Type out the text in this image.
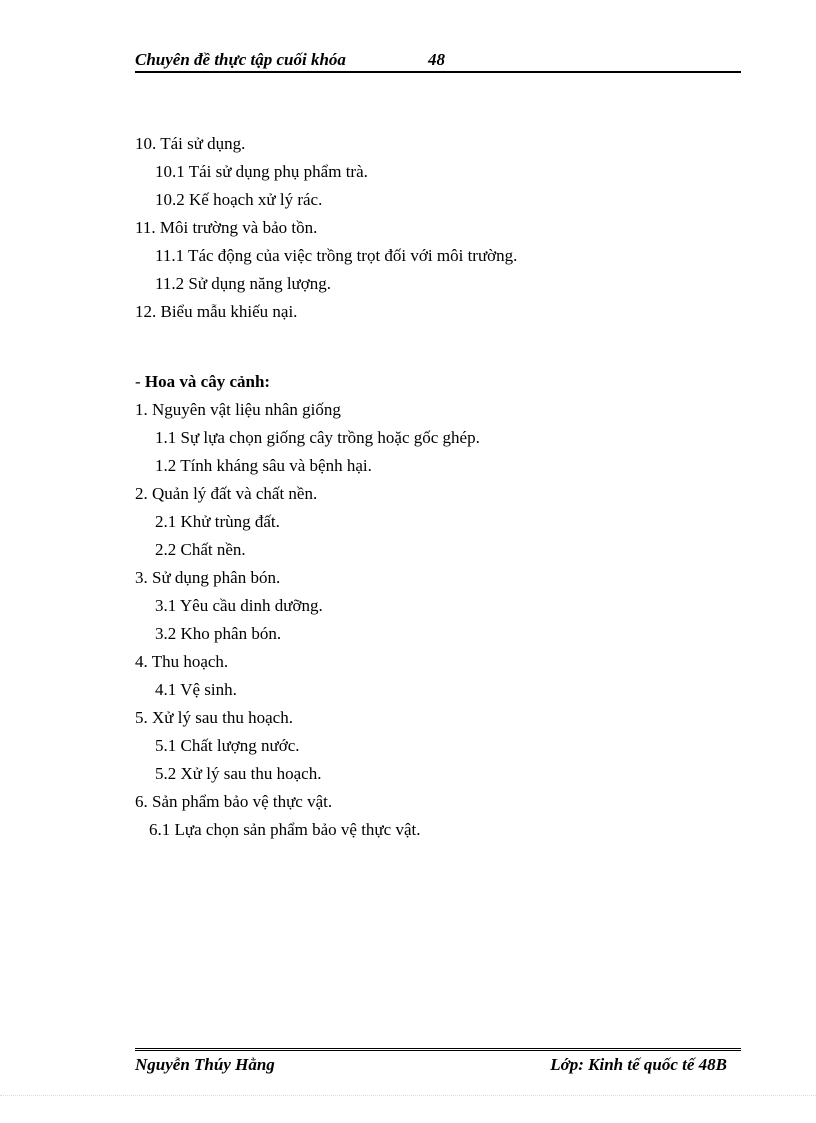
Chuyên đề thực tập cuối khóa	48
10. Tái sử dụng.
10.1 Tái sử dụng phụ phẩm trà.
10.2 Kế hoạch xử lý rác.
11. Môi trường và bảo tồn.
11.1 Tác động của việc trồng trọt đối với môi trường.
11.2 Sử dụng năng lượng.
12. Biểu mẫu khiếu nại.
- Hoa và cây cảnh:
1. Nguyên vật liệu nhân giống
1.1 Sự lựa chọn giống cây trồng hoặc gốc ghép.
1.2 Tính kháng sâu và bệnh hại.
2. Quản lý đất và chất nền.
2.1 Khử trùng đất.
2.2 Chất nền.
3. Sử dụng phân bón.
3.1 Yêu cầu dinh dưỡng.
3.2 Kho phân bón.
4. Thu hoạch.
4.1 Vệ sinh.
5. Xử lý sau thu hoạch.
5.1 Chất lượng nước.
5.2 Xử lý sau thu hoạch.
6. Sản phẩm bảo vệ thực vật.
6.1 Lựa chọn sản phẩm bảo vệ thực vật.
Nguyễn Thúy Hằng	Lớp: Kinh tế quốc tế 48B
